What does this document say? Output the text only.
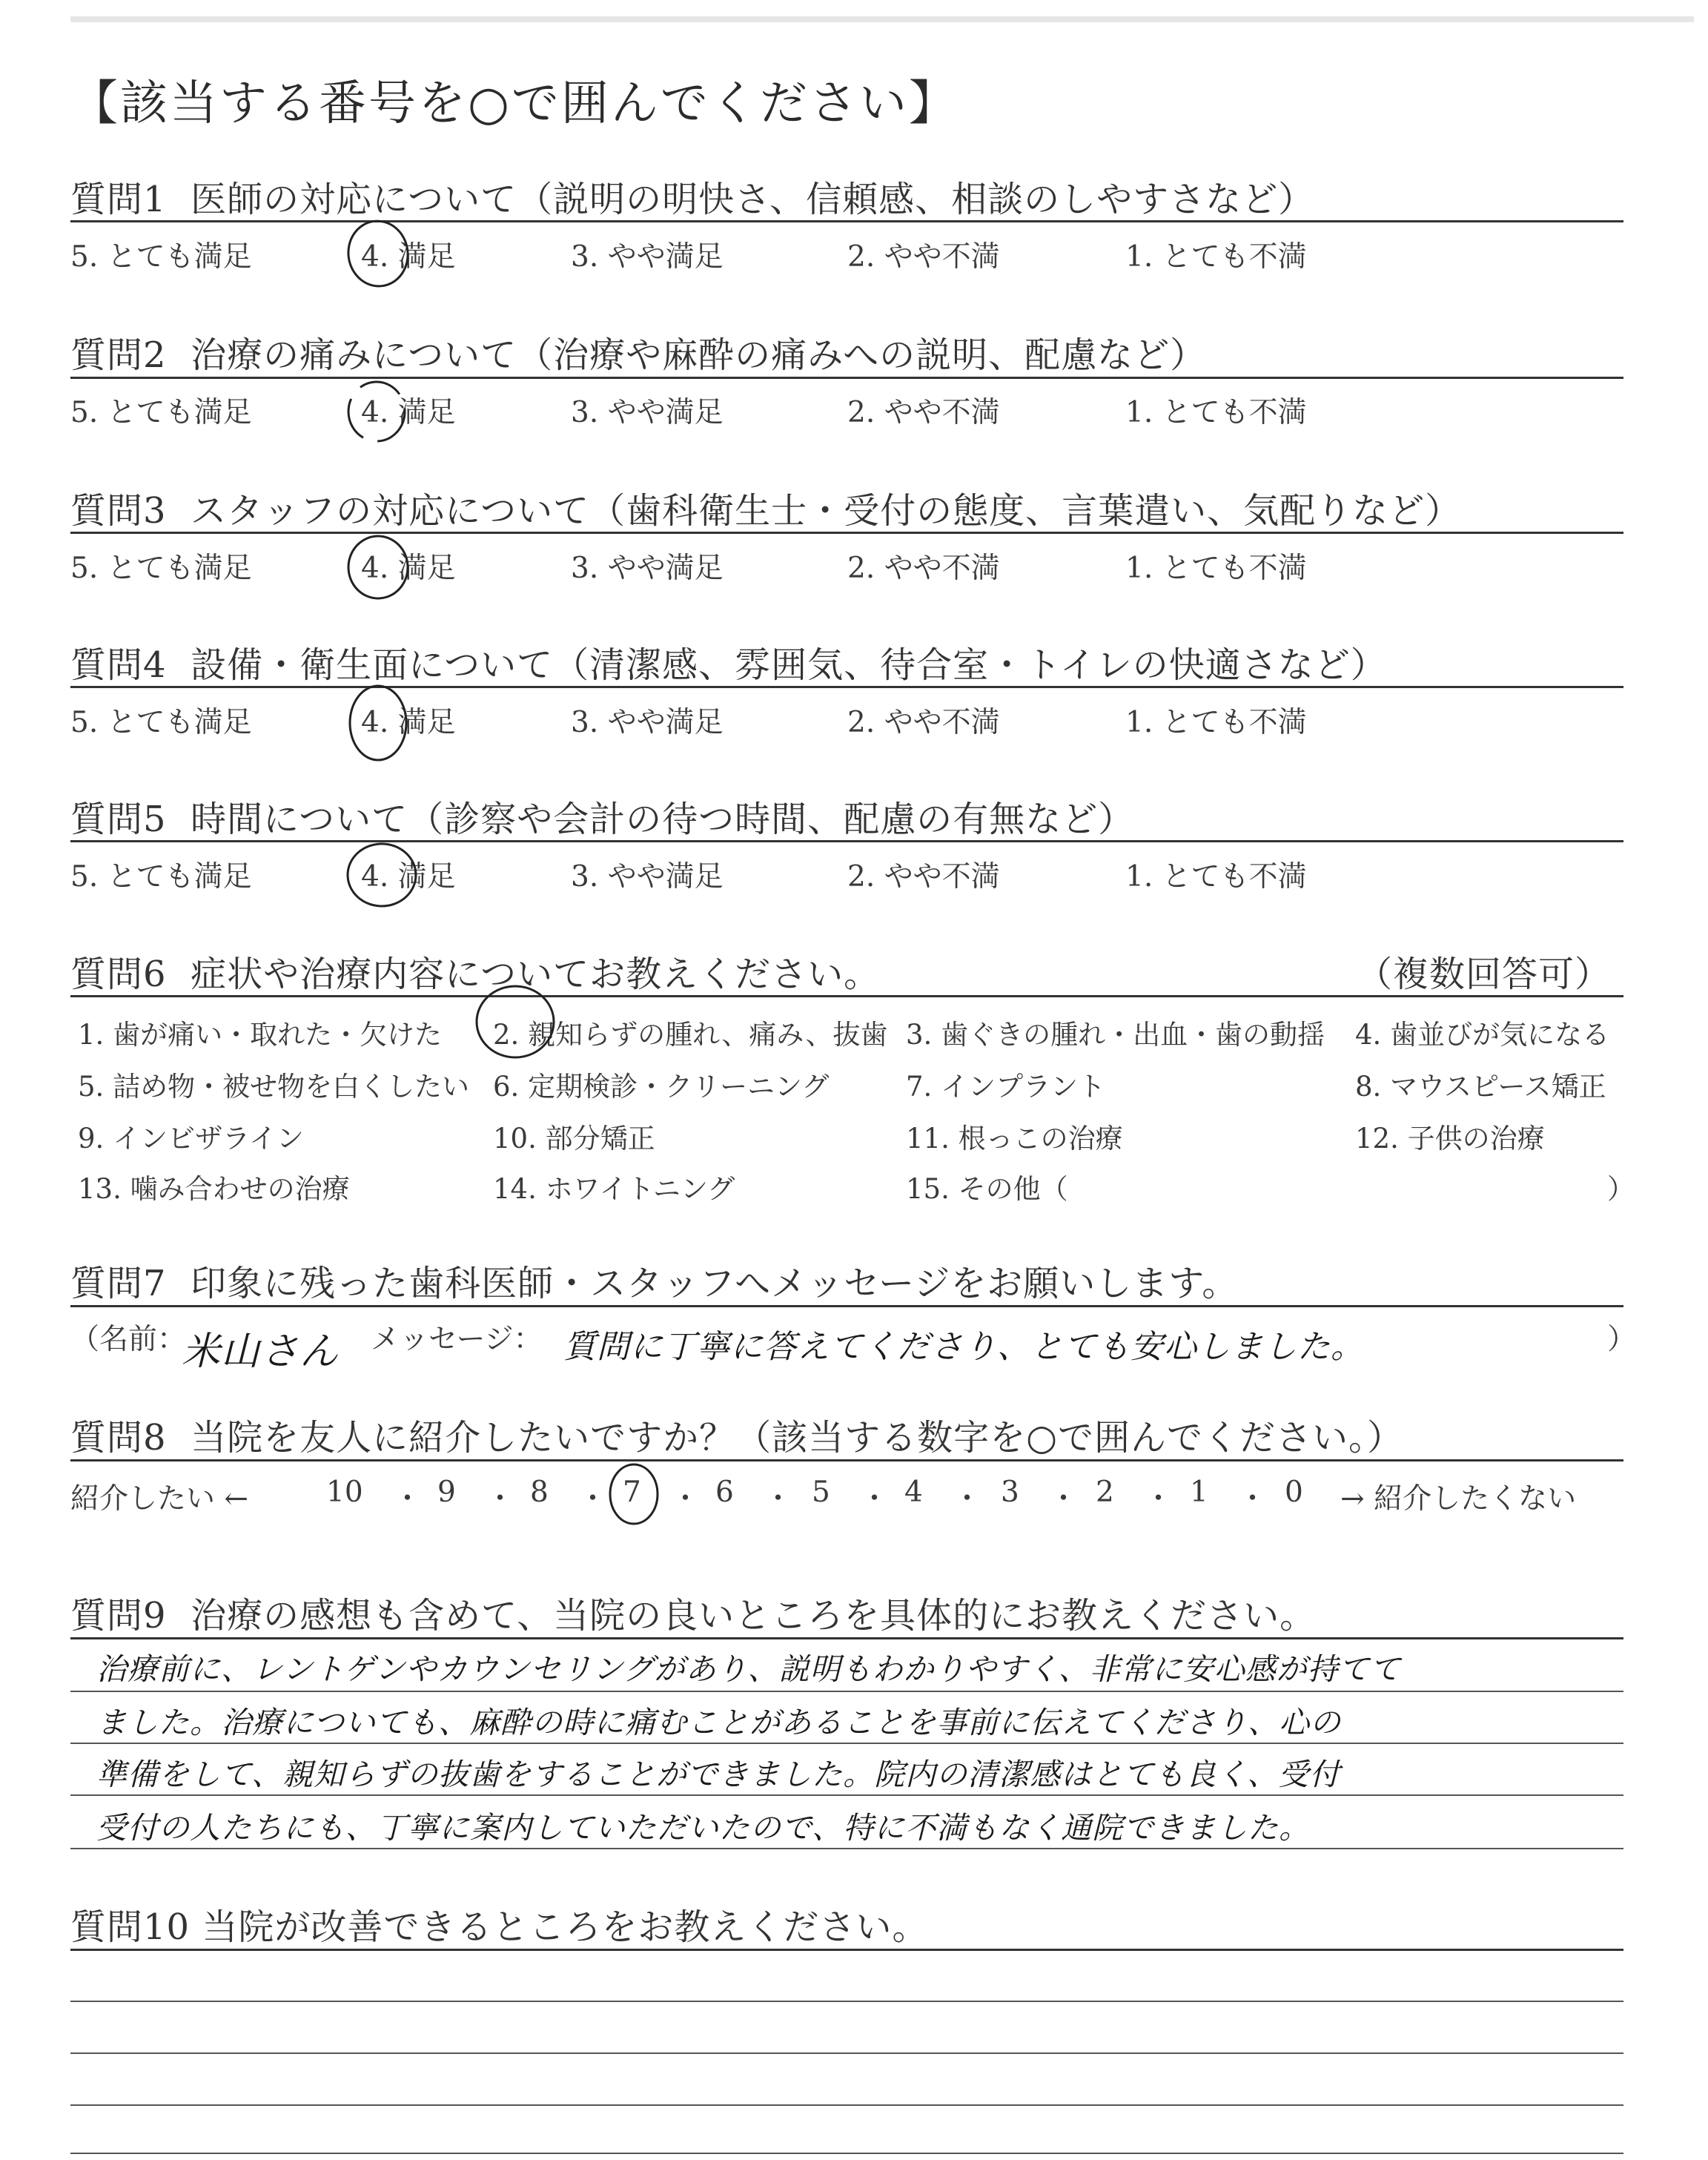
【該当する番号を○で囲んでください】
質問1 医師の対応について（説明の明快さ、信頼感、相談のしやすさなど）
5. とても満足	4. 満足	3. やや満足	2. やや不満	1. とても不満
質問2 治療の痛みについて（治療や麻酔の痛みへの説明、配慮など）
5. とても満足	4. 満足	3. やや満足	2. やや不満	1. とても不満
質問3 スタッフの対応について（歯科衛生士・受付の態度、言葉遣い、気配りなど）
5. とても満足	4. 満足	3. やや満足	2. やや不満	1. とても不満
質問4 設備・衛生面について（清潔感、雰囲気、待合室・トイレの快適さなど）
5. とても満足	4. 満足	3. やや満足	2. やや不満	1. とても不満
質問5 時間について（診察や会計の待つ時間、配慮の有無など）
5. とても満足	4. 満足	3. やや満足	2. やや不満	1. とても不満
質問6 症状や治療内容についてお教えください。	（複数回答可）
1. 歯が痛い・取れた・欠けた 2. 親知らずの腫れ、痛み、抜歯 3. 歯ぐきの腫れ・出血・歯の動揺 4. 歯並びが気になる
5. 詰め物・被せ物を白くしたい 6. 定期検診・クリーニング	7. インプラント	8. マウスピース矯正
9. インビザライン	10. 部分矯正	11. 根っこの治療	12. 子供の治療
13. 噛み合わせの治療	14. ホワイトニング	15. その他（	）
質問7 印象に残った歯科医師・スタッフへメッセージをお願いします。
（名前：
米山さん メッセージ： 質問に丁寧に答えてくださり、とても安心しました。	）
質問8 当院を友人に紹介したいですか？（該当する数字を○で囲んでください。）
紹介したい ←	10 ・ 9 ・ 8 ・ 7 ・ 6 ・ 5 ・ 4 ・ 3 ・ 2 ・ 1 ・ 0 → 紹介したくない
質問9 治療の感想も含めて、当院の良いところを具体的にお教えください。
治療前に、レントゲンやカウンセリングがあり、説明もわかりやすく、非常に安心感が持てて
ました。治療についても、麻酔の時に痛むことがあることを事前に伝えてくださり、心の
準備をして、親知らずの抜歯をすることができました。院内の清潔感はとても良く、受付
受付の人たちにも、丁寧に案内していただいたので、特に不満もなく通院できました。
質問10 当院が改善できるところをお教えください。
